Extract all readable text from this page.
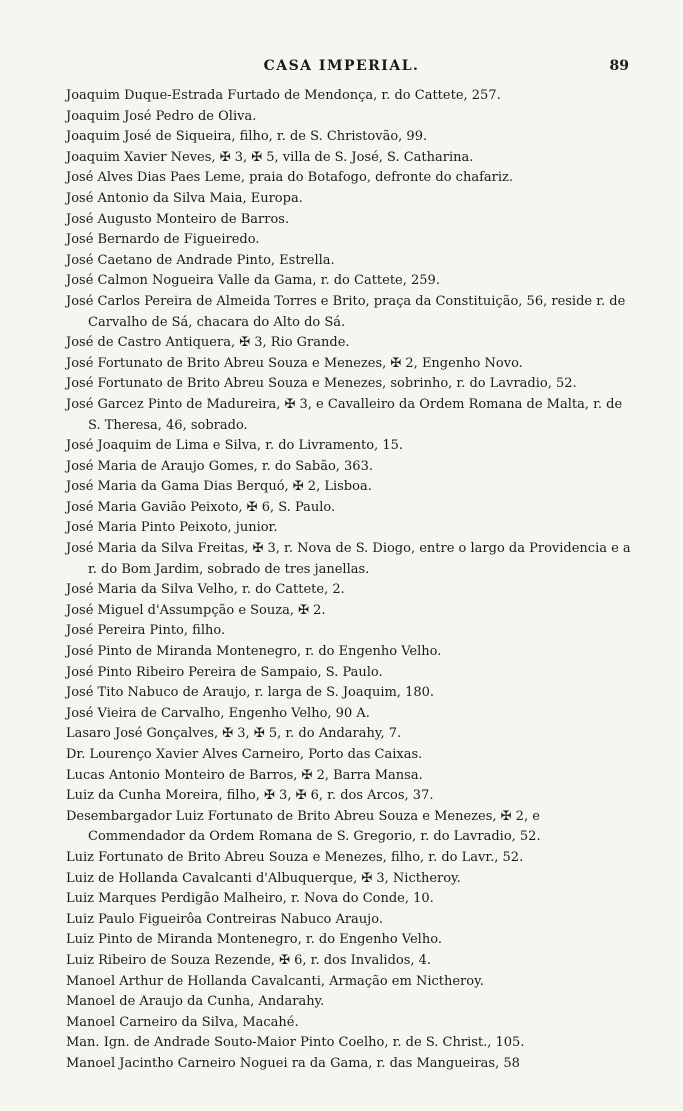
CASA IMPERIAL.	89

Joaquim Duque-Estrada Furtado de Mendonça, r. do Cattete, 257.

Joaquim José Pedro de Oliva.

Joaquim José de Siqueira, filho, r. de S. Christovão, 99.

Joaquim Xavier Neves, ✠ 3, ✠ 5, villa de S. José, S. Catharina.

José Alves Dias Paes Leme, praia do Botafogo, defronte do chafariz.

José Antonio da Silva Maia, Europa.

José Augusto Monteiro de Barros.

José Bernardo de Figueiredo.

José Caetano de Andrade Pinto, Estrella.

José Calmon Nogueira Valle da Gama, r. do Cattete, 259.

José Carlos Pereira de Almeida Torres e Brito, praça da Constituição, 56, reside r. de Carvalho de Sá, chacara do Alto do Sá.

José de Castro Antiquera, ✠ 3, Rio Grande.

José Fortunato de Brito Abreu Souza e Menezes, ✠ 2, Engenho Novo.

José Fortunato de Brito Abreu Souza e Menezes, sobrinho, r. do Lavradio, 52.

José Garcez Pinto de Madureira, ✠ 3, e Cavalleiro da Ordem Romana de Malta, r. de S. Theresa, 46, sobrado.

José Joaquim de Lima e Silva, r. do Livramento, 15.

José Maria de Araujo Gomes, r. do Sabão, 363.

José Maria da Gama Dias Berquó, ✠ 2, Lisboa.

José Maria Gavião Peixoto, ✠ 6, S. Paulo.

José Maria Pinto Peixoto, junior.

José Maria da Silva Freitas, ✠ 3, r. Nova de S. Diogo, entre o largo da Providencia e a r. do Bom Jardim, sobrado de tres janellas.

José Maria da Silva Velho, r. do Cattete, 2.

José Miguel d'Assumpção e Souza, ✠ 2.

José Pereira Pinto, filho.

José Pinto de Miranda Montenegro, r. do Engenho Velho.

José Pinto Ribeiro Pereira de Sampaio, S. Paulo.

José Tito Nabuco de Araujo, r. larga de S. Joaquim, 180.

José Vieira de Carvalho, Engenho Velho, 90 A.

Lasaro José Gonçalves, ✠ 3, ✠ 5, r. do Andarahy, 7.

Dr. Lourenço Xavier Alves Carneiro, Porto das Caixas.

Lucas Antonio Monteiro de Barros, ✠ 2, Barra Mansa.

Luiz da Cunha Moreira, filho, ✠ 3, ✠ 6, r. dos Arcos, 37.

Desembargador Luiz Fortunato de Brito Abreu Souza e Menezes, ✠ 2, e Commendador da Ordem Romana de S. Gregorio, r. do Lavradio, 52.

Luiz Fortunato de Brito Abreu Souza e Menezes, filho, r. do Lavr., 52.

Luiz de Hollanda Cavalcanti d'Albuquerque, ✠ 3, Nictheroy.

Luiz Marques Perdigão Malheiro, r. Nova do Conde, 10.

Luiz Paulo Figueirôa Contreiras Nabuco Araujo.

Luiz Pinto de Miranda Montenegro, r. do Engenho Velho.

Luiz Ribeiro de Souza Rezende, ✠ 6, r. dos Invalidos, 4.

Manoel Arthur de Hollanda Cavalcanti, Armação em Nictheroy.

Manoel de Araujo da Cunha, Andarahy.

Manoel Carneiro da Silva, Macahé.

Man. Ign. de Andrade Souto-Maior Pinto Coelho, r. de S. Christ., 105.

Manoel Jacintho Carneiro Noguei ra da Gama, r. das Mangueiras, 58
